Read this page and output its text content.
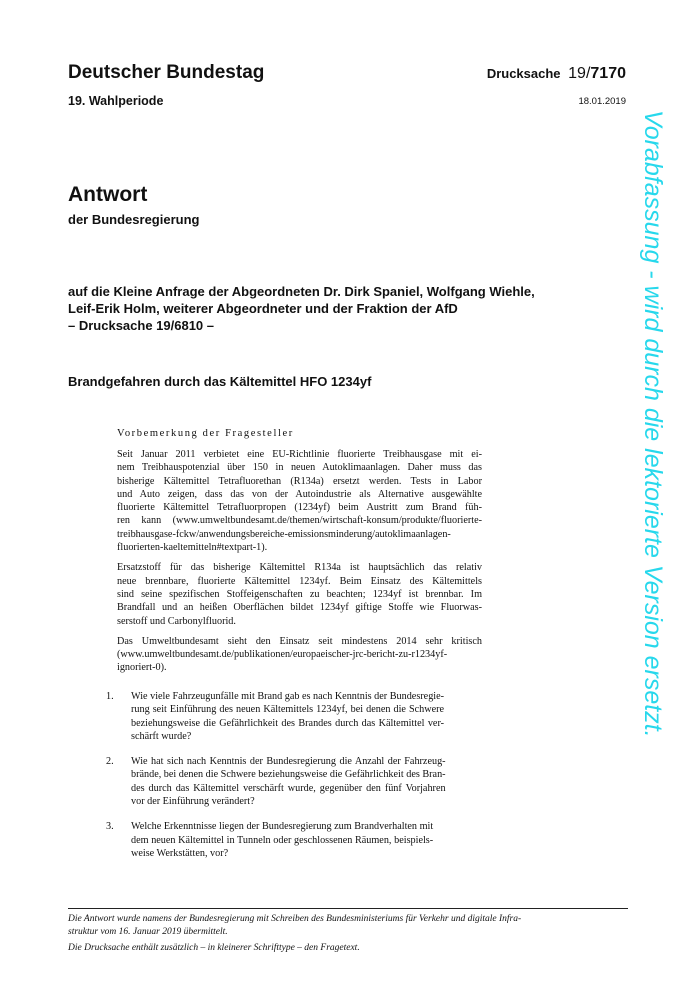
Deutscher Bundestag
19. Wahlperiode
Drucksache 19/7170
18.01.2019
Antwort
der Bundesregierung
auf die Kleine Anfrage der Abgeordneten Dr. Dirk Spaniel, Wolfgang Wiehle,
Leif-Erik Holm, weiterer Abgeordneter und der Fraktion der AfD
– Drucksache 19/6810 –
Brandgefahren durch das Kältemittel HFO 1234yf
Vorbemerkung der Fragesteller
Seit Januar 2011 verbietet eine EU-Richtlinie fluorierte Treibhausgase mit ei-
nem Treibhauspotenzial über 150 in neuen Autoklimaanlagen. Daher muss das
bisherige Kältemittel Tetrafluorethan (R134a) ersetzt werden. Tests in Labor
und Auto zeigen, dass das von der Autoindustrie als Alternative ausgewählte
fluorierte Kältemittel Tetrafluorpropen (1234yf) beim Austritt zum Brand füh-
ren kann (www.umweltbundesamt.de/themen/wirtschaft-konsum/produkte/fluorierte-
treibhausgase-fckw/anwendungsbereiche-emissionsminderung/autoklimaanlagen-
fluorierten-kaeltemitteln#textpart-1).
Ersatzstoff für das bisherige Kältemittel R134a ist hauptsächlich das relativ
neue brennbare, fluorierte Kältemittel 1234yf. Beim Einsatz des Kältemittels
sind seine spezifischen Stoffeigenschaften zu beachten; 1234yf ist brennbar. Im
Brandfall und an heißen Oberflächen bildet 1234yf giftige Stoffe wie Fluorwas-
serstoff und Carbonylfluorid.
Das Umweltbundesamt sieht den Einsatz seit mindestens 2014 sehr kritisch
(www.umweltbundesamt.de/publikationen/europaeischer-jrc-bericht-zu-r1234yf-
ignoriert-0).
1.	Wie viele Fahrzeugunfälle mit Brand gab es nach Kenntnis der Bundesregie-
rung seit Einführung des neuen Kältemittels 1234yf, bei denen die Schwere
beziehungsweise die Gefährlichkeit des Brandes durch das Kältemittel ver-
schärft wurde?
2.	Wie hat sich nach Kenntnis der Bundesregierung die Anzahl der Fahrzeug-
brände, bei denen die Schwere beziehungsweise die Gefährlichkeit des Bran-
des durch das Kältemittel verschärft wurde, gegenüber den fünf Vorjahren
vor der Einführung verändert?
3.	Welche Erkenntnisse liegen der Bundesregierung zum Brandverhalten mit
dem neuen Kältemittel in Tunneln oder geschlossenen Räumen, beispiels-
weise Werkstätten, vor?

Die Antwort wurde namens der Bundesregierung mit Schreiben des Bundesministeriums für Verkehr und digitale Infra-

struktur vom 16. Januar 2019 übermittelt.

Die Drucksache enthält zusätzlich – in kleinerer Schrifttype – den Fragetext.

Vorabfassung - wird durch die lektorierte Version ersetzt.
